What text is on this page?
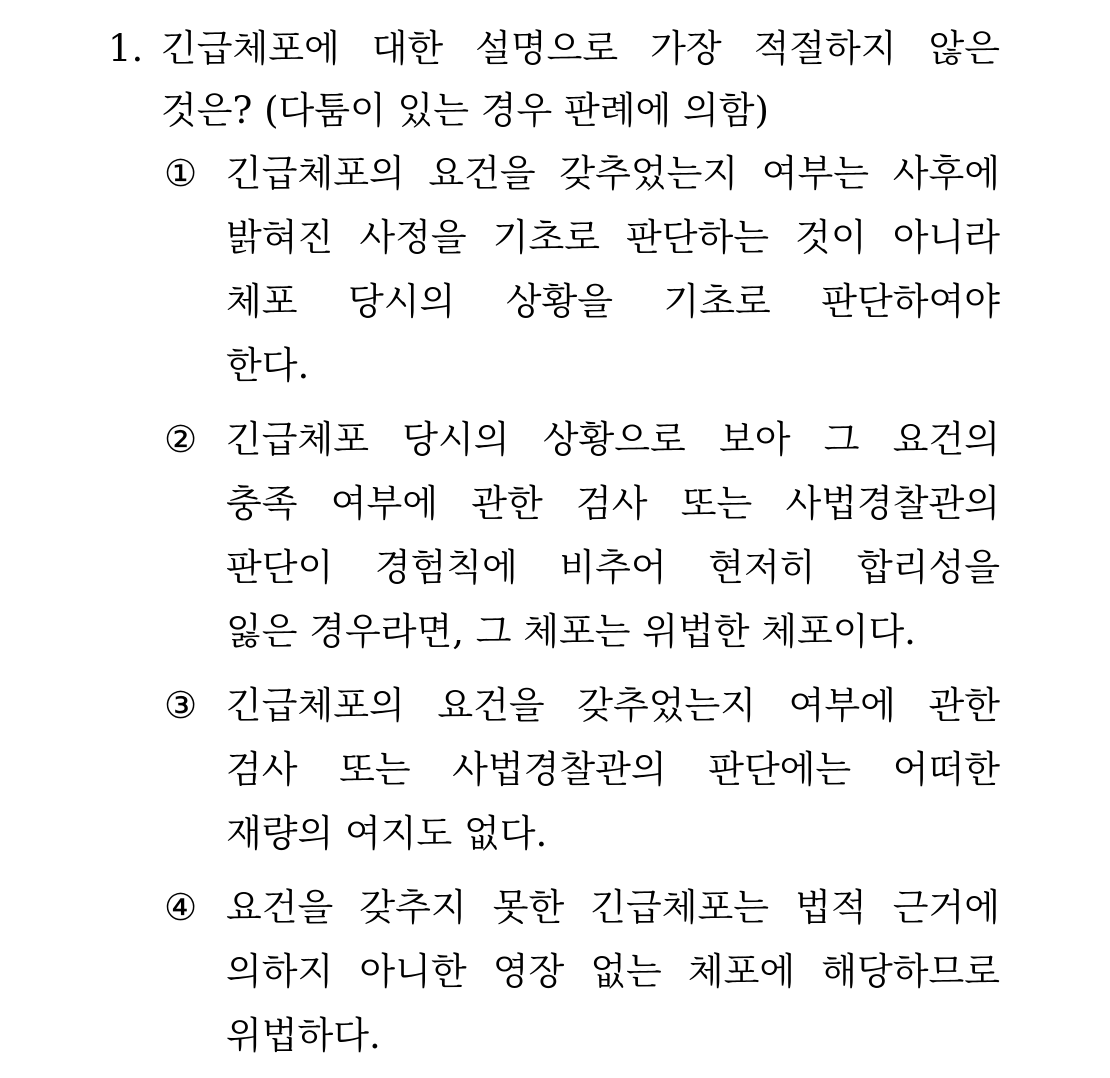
1. 긴급체포에 대한 설명으로 가장 적절하지 않은
것은? (다툼이 있는 경우 판례에 의함)
① 긴급체포의 요건을 갖추었는지 여부는 사후에
밝혀진 사정을 기초로 판단하는 것이 아니라
체포 당시의 상황을 기초로 판단하여야
한다.
② 긴급체포 당시의 상황으로 보아 그 요건의
충족 여부에 관한 검사 또는 사법경찰관의
판단이 경험칙에 비추어 현저히 합리성을
잃은 경우라면, 그 체포는 위법한 체포이다.
③ 긴급체포의 요건을 갖추었는지 여부에 관한
검사 또는 사법경찰관의 판단에는 어떠한
재량의 여지도 없다.
④ 요건을 갖추지 못한 긴급체포는 법적 근거에
의하지 아니한 영장 없는 체포에 해당하므로
위법하다.
